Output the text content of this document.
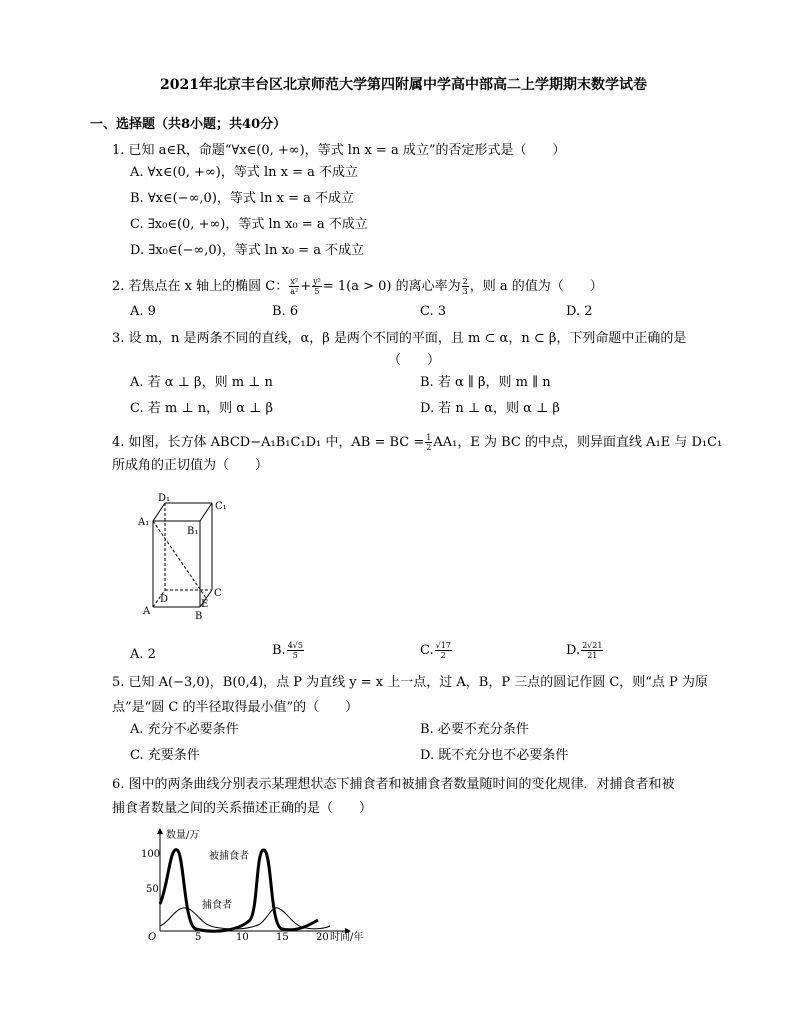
2021年北京丰台区北京师范大学第四附属中学高中部高二上学期期末数学试卷
一、选择题（共8小题；共40分）
1. 已知 a∈R，命题“∀x∈(0, +∞)，等式 ln x = a 成立”的否定形式是（　　）
A. ∀x∈(0, +∞)，等式 ln x = a 不成立
B. ∀x∈(−∞,0)，等式 ln x = a 不成立
C. ∃x₀∈(0, +∞)，等式 ln x₀ = a 不成立
D. ∃x₀∈(−∞,0)，等式 ln x₀ = a 不成立
2. 若焦点在 x 轴上的椭圆 C： $\frac{\text{x²}}{\text{a²}} + \frac{\text{y²}}{5} = 1(a > 0)$ 的离心率为 $\frac{2}{3}$ ，则 a 的值为（　　）
A. 9	B. 6	C. 3	D. 2
3. 设 m，n 是两条不同的直线，α，β 是两个不同的平面，且 m ⊂ α，n ⊂ β，下列命题中正确的是
（　　）
A. 若 α ⊥ β，则 m ⊥ n	B. 若 α ∥ β，则 m ∥ n
C. 若 m ⊥ n，则 α ⊥ β	D. 若 n ⊥ α，则 α ⊥ β
4. 如图，长方体 ABCD−A₁B₁C₁D₁ 中，AB = BC = $\frac{1}{2} AA_1$，E 为 BC 的中点，则异面直线 A₁E 与 D₁C₁
所成角的正切值为（　　）
D₁
C₁
A₁
B₁
D
C
A
E
B
A. 2	B. $\frac{4√5}{5}$	C. $\frac{√17}{2}$	D. $\frac{2√21}{21}$
5. 已知 A(−3,0)，B(0,4)，点 P 为直线 y = x 上一点，过 A，B，P 三点的圆记作圆 C，则“点 P 为原
点”是“圆 C 的半径取得最小值”的（　　）
A. 充分不必要条件	B. 必要不充分条件
C. 充要条件	D. 既不充分也不必要条件
6. 图中的两条曲线分别表示某理想状态下捕食者和被捕食者数量随时间的变化规律．对捕食者和被
捕食者数量之间的关系描述正确的是（　　）
数量/万
100
50
O	5	10	15	20 时间/年
被捕食者
捕食者
